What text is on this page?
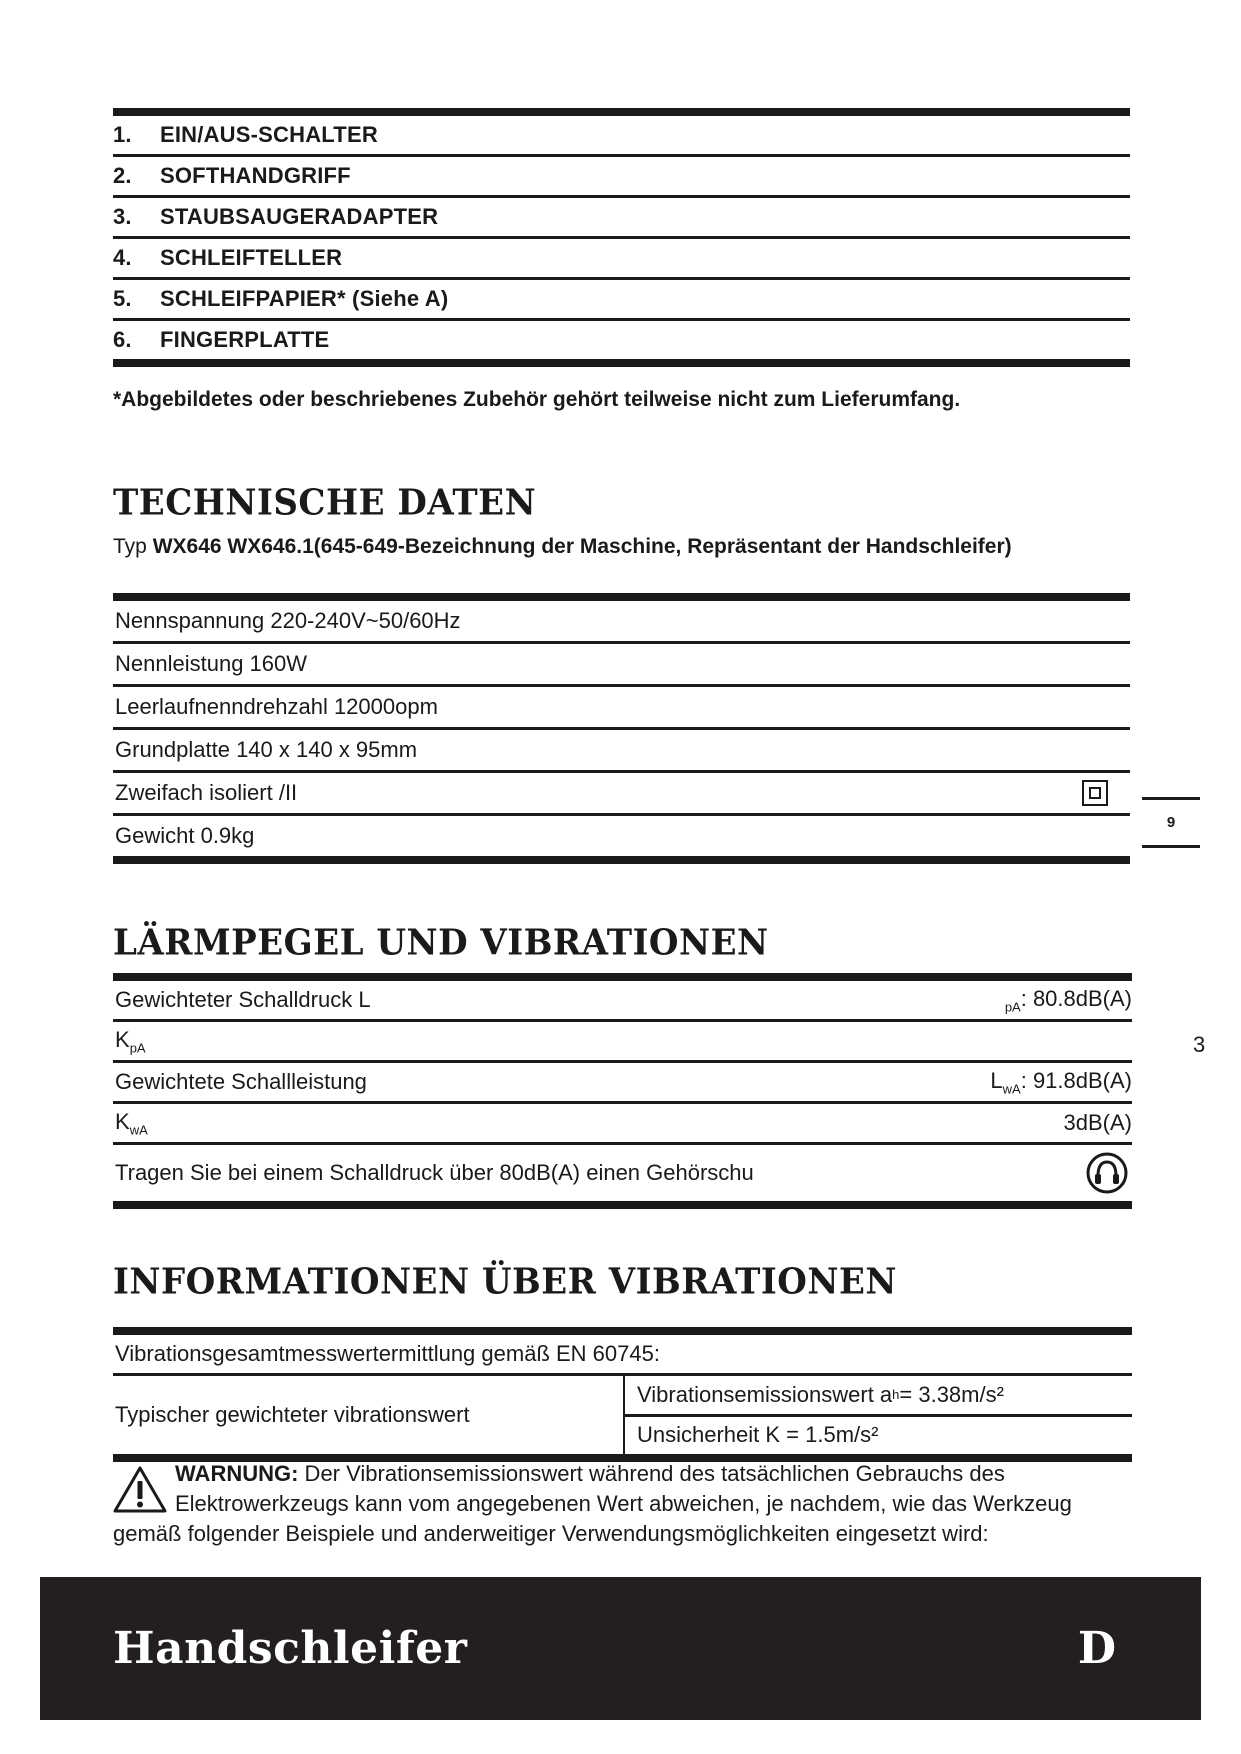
1.	EIN/AUS-SCHALTER
2.	SOFTHANDGRIFF
3.	STAUBSAUGERADAPTER
4.	SCHLEIFTELLER
5.	SCHLEIFPAPIER* (Siehe A)
6.	FINGERPLATTE
*Abgebildetes oder beschriebenes Zubehör gehört teilweise nicht zum Lieferumfang.
TECHNISCHE DATEN
Typ WX646 WX646.1(645-649-Bezeichnung der Maschine, Repräsentant der Handschleifer)
Nennspannung 220-240V~50/60Hz
Nennleistung 160W
Leerlaufnenndrehzahl 12000opm
Grundplatte 140 x 140 x 95mm
Zweifach isoliert /II

Gewicht 0.9kg
LÄRMPEGEL UND VIBRATIONEN
Gewichteter Schalldruck L	$_{pA}$: 80.8dB(A)
$K_{pA}$
Gewichtete Schallleistung	$L_{wA}$: 91.8dB(A)
$K_{wA}$	3dB(A)
Tragen Sie bei einem Schalldruck über 80dB(A) einen Gehörschu	
INFORMATIONEN ÜBER VIBRATIONEN
Vibrationsgesamtmesswertermittlung gemäß EN 60745:
Typischer gewichteter vibrationswert
Vibrationsemissionswert a h = 3.38m/s²
Unsicherheit K = 1.5m/s²
WARNUNG: Der Vibrationsemissionswert während des tatsächlichen Gebrauchs des
Elektrowerkzeugs kann vom angegebenen Wert abweichen, je nachdem, wie das Werkzeug
gemäß folgender Beispiele und anderweitiger Verwendungsmöglichkeiten eingesetzt wird:
9
3
Handschleifer	D
